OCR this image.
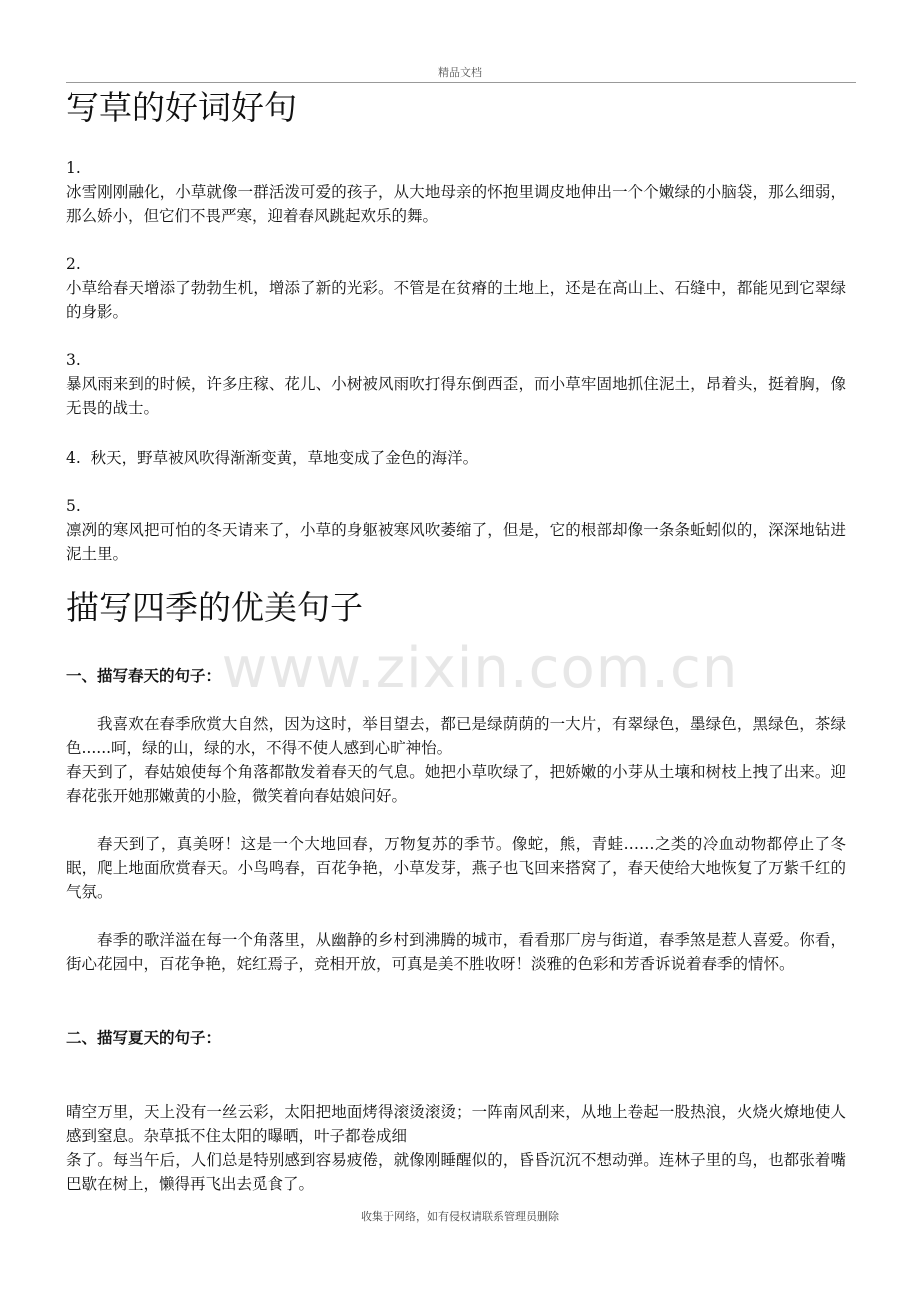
精品文档
写草的好词好句
1.
冰雪刚刚融化，小草就像一群活泼可爱的孩子，从大地母亲的怀抱里调皮地伸出一个个嫩绿的小脑袋，那么细弱，那么娇小，但它们不畏严寒，迎着春风跳起欢乐的舞。
2.
小草给春天增添了勃勃生机，增添了新的光彩。不管是在贫瘠的土地上，还是在高山上、石缝中，都能见到它翠绿的身影。
3.
暴风雨来到的时候，许多庄稼、花儿、小树被风雨吹打得东倒西歪，而小草牢固地抓住泥土，昂着头，挺着胸，像无畏的战士。
4. 秋天，野草被风吹得渐渐变黄，草地变成了金色的海洋。
5.
凛冽的寒风把可怕的冬天请来了，小草的身躯被寒风吹萎缩了，但是，它的根部却像一条条蚯蚓似的，深深地钻进泥土里。
描写四季的优美句子
www.zixin.com.cn
一、描写春天的句子：
我喜欢在春季欣赏大自然，因为这时，举目望去，都已是绿荫荫的一大片，有翠绿色，墨绿色，黑绿色，茶绿色......呵，绿的山，绿的水，不得不使人感到心旷神怡。
春天到了，春姑娘使每个角落都散发着春天的气息。她把小草吹绿了，把娇嫩的小芽从土壤和树枝上拽了出来。迎春花张开她那嫩黄的小脸，微笑着向春姑娘问好。
春天到了，真美呀！这是一个大地回春，万物复苏的季节。像蛇，熊，青蛙……之类的冷血动物都停止了冬眠，爬上地面欣赏春天。小鸟鸣春，百花争艳，小草发芽，燕子也飞回来搭窝了，春天使给大地恢复了万紫千红的气氛。
春季的歌洋溢在每一个角落里，从幽静的乡村到沸腾的城市，看看那厂房与街道，春季煞是惹人喜爱。你看，街心花园中，百花争艳，姹红焉子，竞相开放，可真是美不胜收呀！淡雅的色彩和芳香诉说着春季的情怀。
二、描写夏天的句子：
晴空万里，天上没有一丝云彩，太阳把地面烤得滚烫滚烫；一阵南风刮来，从地上卷起一股热浪，火烧火燎地使人感到窒息。杂草抵不住太阳的曝晒，叶子都卷成细
条了。每当午后，人们总是特别感到容易疲倦，就像刚睡醒似的，昏昏沉沉不想动弹。连林子里的鸟，也都张着嘴巴歇在树上，懒得再飞出去觅食了。
收集于网络，如有侵权请联系管理员删除
